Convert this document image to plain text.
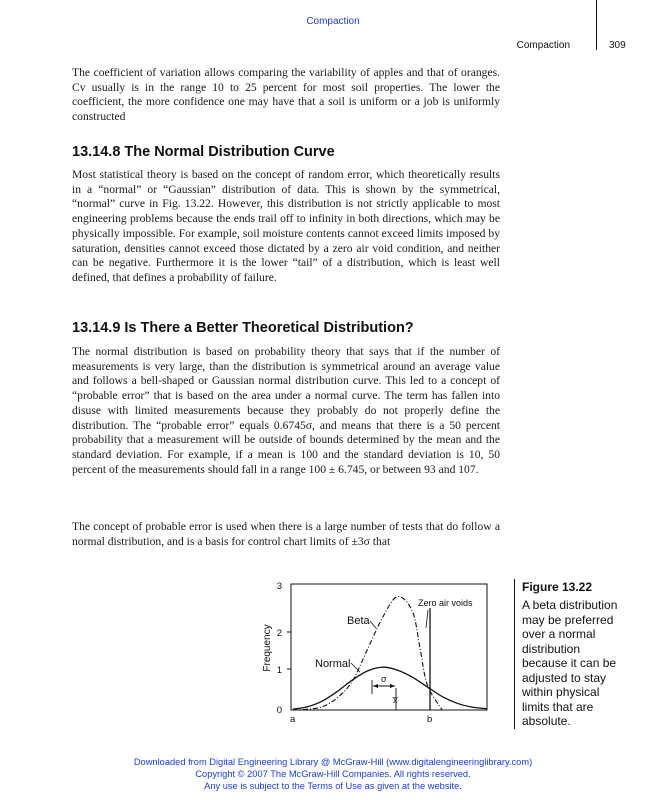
Compaction
Compaction	309
The coefficient of variation allows comparing the variability of apples and that of oranges. Cv usually is in the range 10 to 25 percent for most soil properties. The lower the coefficient, the more confidence one may have that a soil is uniform or a job is uniformly constructed
13.14.8 The Normal Distribution Curve
Most statistical theory is based on the concept of random error, which theoretically results in a “normal” or “Gaussian” distribution of data. This is shown by the symmetrical, “normal” curve in Fig. 13.22. However, this distribution is not strictly applicable to most engineering problems because the ends trail off to infinity in both directions, which may be physically impossible. For example, soil moisture contents cannot exceed limits imposed by saturation, densities cannot exceed those dictated by a zero air void condition, and neither can be negative. Furthermore it is the lower “tail” of a distribution, which is least well defined, that defines a probability of failure.
13.14.9 Is There a Better Theoretical Distribution?
The normal distribution is based on probability theory that says that if the number of measurements is very large, than the distribution is symmetrical around an average value and follows a bell-shaped or Gaussian normal distribution curve. This led to a concept of “probable error” that is based on the area under a normal curve. The term has fallen into disuse with limited measurements because they probably do not properly define the distribution. The “probable error” equals 0.6745σ, and means that there is a 50 percent probability that a measurement will be outside of bounds determined by the mean and the standard deviation. For example, if a mean is 100 and the standard deviation is 10, 50 percent of the measurements should fall in a range 100 ± 6.745, or between 93 and 107.
The concept of probable error is used when there is a large number of tests that do follow a normal distribution, and is a basis for control chart limits of ±3σ that
Frequency
3
2
1
0
Zero air voids
Beta
Normal
x̅
σ
a	b
Figure 13.22
A beta distribution may be preferred over a normal distribution because it can be adjusted to stay within physical limits that are absolute.
Downloaded from Digital Engineering Library @ McGraw-Hill (www.digitalengineeringlibrary.com)
Copyright © 2007 The McGraw-Hill Companies. All rights reserved.
Any use is subject to the Terms of Use as given at the website.
